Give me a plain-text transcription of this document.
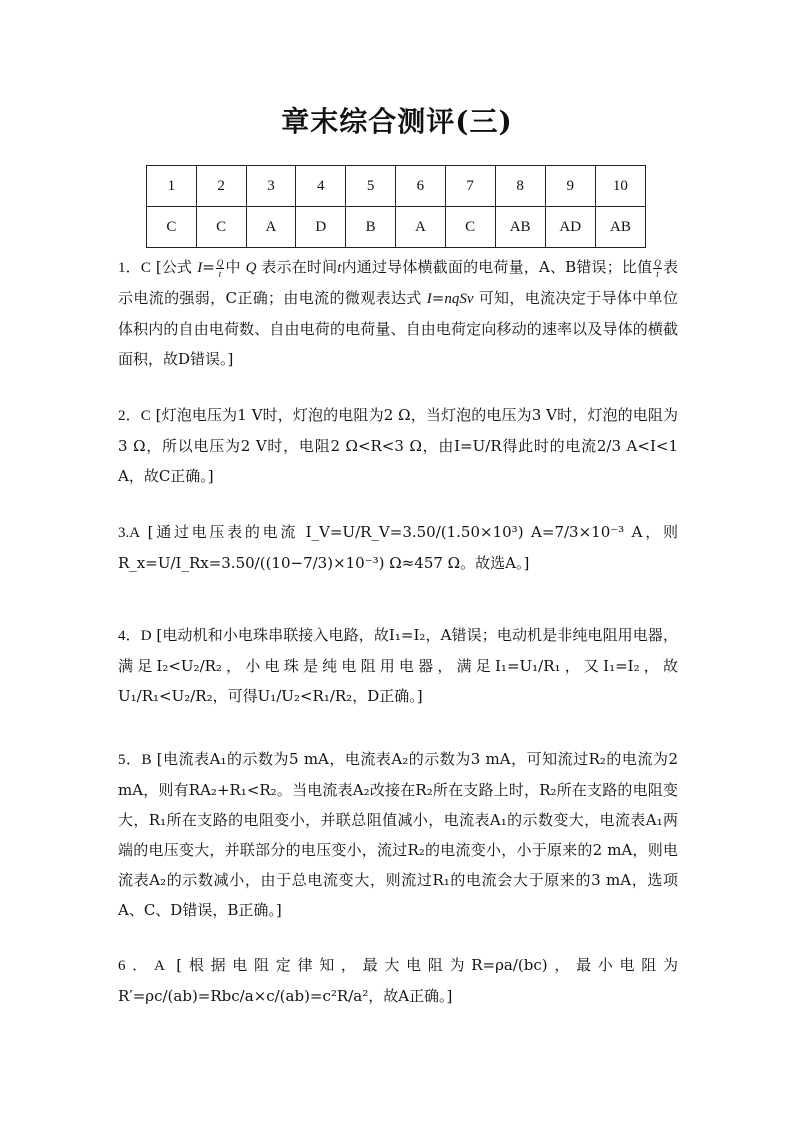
章末综合测评(三)
1	2	3	4	5	6	7	8	9	10
C	C	A	D	B	A	C	AB	AD	AB
1．C [公式 $I= \frac{Q}{t}$ 中 Q 表示在时间t内通过导体横截面的电荷量，A、B错误；比值 $\frac{Q}{t}$ 表示电流的强弱，C正确；由电流的微观表达式 I=nqSv 可知，电流决定于导体中单位体积内的自由电荷数、自由电荷的电荷量、自由电荷定向移动的速率以及导体的横截面积，故D错误。]
2．C [灯泡电压为1 V时，灯泡的电阻为2 Ω，当灯泡的电压为3 V时，灯泡的电阻为3 Ω，所以电压为2 V时，电阻2 Ω<R<3 Ω，由I=U/R得此时的电流2/3 A<I<1 A，故C正确。]
3.A [通过电压表的电流 I_V=U/R_V=3.50/(1.50×10³) A=7/3×10⁻³ A，则 R_x=U/I_Rx=3.50/((10−7/3)×10⁻³) Ω≈457 Ω。故选A。]
4．D [电动机和小电珠串联接入电路，故I₁=I₂，A错误；电动机是非纯电阻用电器，满足I₂<U₂/R₂，小电珠是纯电阻用电器，满足I₁=U₁/R₁，又I₁=I₂，故U₁/R₁<U₂/R₂，可得U₁/U₂<R₁/R₂，D正确。]
5．B [电流表A₁的示数为5 mA，电流表A₂的示数为3 mA，可知流过R₂的电流为2 mA，则有RA₂+R₁<R₂。当电流表A₂改接在R₂所在支路上时，R₂所在支路的电阻变大，R₁所在支路的电阻变小，并联总阻值减小，电流表A₁的示数变大，电流表A₁两端的电压变大，并联部分的电压变小，流过R₂的电流变小，小于原来的2 mA，则电流表A₂的示数减小，由于总电流变大，则流过R₁的电流会大于原来的3 mA，选项A、C、D错误，B正确。]
6．A [根据电阻定律知，最大电阻为R=ρa/(bc)，最小电阻为R′=ρc/(ab)=Rbc/a×c/(ab)=c²R/a²，故A正确。]
